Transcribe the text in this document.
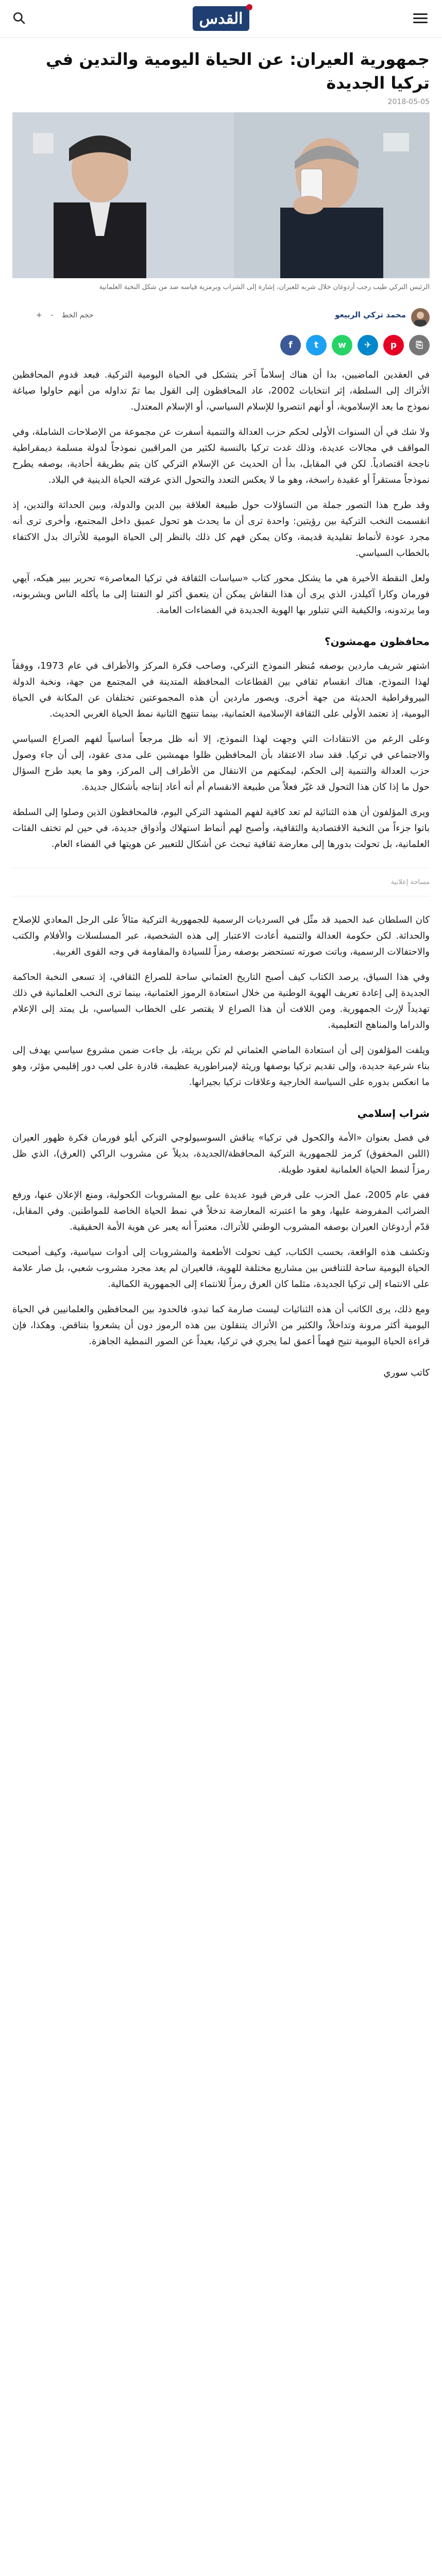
القدس
جمهورية العيران: عن الحياة اليومية والتدين في تركيا الجديدة
2018-05-05
الرئيس التركي طيب رجب أردوغان خلال شربه للعيران، إشارة إلى الشراب وبرمزية قياسه ضد من شكل النخبة العلمانية
محمد تركي الربيعو
حجم الخط - +
f	t	w	✈	p	⎘

في العقدين الماضيين، بدا أن هناك إسلاماً آخر يتشكل في الحياة اليومية التركية. فبعد قدوم المحافظين الأتراك إلى السلطة، إثر انتخابات 2002، عاد المحافظون إلى القول بما تمّ تداوله من أنهم حاولوا صياغة نموذج ما بعد الإسلاموية، أو أنهم انتصروا للإسلام السياسي، أو الإسلام المعتدل.

ولا شك في أن السنوات الأولى لحكم حزب العدالة والتنمية أسفرت عن مجموعة من الإصلاحات الشاملة، وفي المواقف في مجالات عديدة، وذلك غدت تركيا بالنسبة لكثير من المراقبين نموذجاً لدولة مسلمة ديمقراطية ناجحة اقتصادياً. لكن في المقابل، بدأ أن الحديث عن الإسلام التركي كان يتم بطريقة أحادية، بوصفه يطرح نموذجاً مستقراً أو عقيدة راسخة، وهو ما لا يعكس التعدد والتحول الذي عرفته الحياة الدينية في البلاد.

وقد طرح هذا التصور جملة من التساؤلات حول طبيعة العلاقة بين الدين والدولة، وبين الحداثة والتدين، إذ انقسمت النخب التركية بين رؤيتين: واحدة ترى أن ما يحدث هو تحول عميق داخل المجتمع، وأخرى ترى أنه مجرد عودة لأنماط تقليدية قديمة، وكان يمكن فهم كل ذلك بالنظر إلى الحياة اليومية للأتراك بدل الاكتفاء بالخطاب السياسي.

ولعل النقطة الأخيرة هي ما يشكل محور كتاب «سياسات الثقافة في تركيا المعاصرة» تحرير بيير هيكه، آيهي فورمان وكارا آكيلدز، الذي يرى أن هذا النقاش يمكن أن يتعمق أكثر لو التفتنا إلى ما يأكله الناس ويشربونه، وما يرتدونه، والكيفية التي تتبلور بها الهوية الجديدة في الفضاءات العامة.

محافظون مهمشون؟

اشتهر شريف ماردين بوصفه مُنظر النموذج التركي، وصاحب فكرة المركز والأطراف في عام 1973، ووفقاً لهذا النموذج، هناك انقسام ثقافي بين القطاعات المحافظة المتدينة في المجتمع من جهة، ونخبة الدولة البيروقراطية الحديثة من جهة أخرى. ويصور ماردين أن هذه المجموعتين تختلفان عن المكانة في الحياة اليومية، إذ تعتمد الأولى على الثقافة الإسلامية العثمانية، بينما تنتهج الثانية نمط الحياة الغربي الحديث.

وعلى الرغم من الانتقادات التي وجهت لهذا النموذج، إلا أنه ظل مرجعاً أساسياً لفهم الصراع السياسي والاجتماعي في تركيا. فقد ساد الاعتقاد بأن المحافظين ظلوا مهمشين على مدى عقود، إلى أن جاء وصول حزب العدالة والتنمية إلى الحكم، ليمكنهم من الانتقال من الأطراف إلى المركز، وهو ما يعيد طرح السؤال حول ما إذا كان هذا التحول قد غيّر فعلاً من طبيعة الانقسام أم أنه أعاد إنتاجه بأشكال جديدة.

ويرى المؤلفون أن هذه الثنائية لم تعد كافية لفهم المشهد التركي اليوم، فالمحافظون الذين وصلوا إلى السلطة باتوا جزءاً من النخبة الاقتصادية والثقافية، وأصبح لهم أنماط استهلاك وأذواق جديدة، في حين لم تختف الفئات العلمانية، بل تحولت بدورها إلى معارضة ثقافية تبحث عن أشكال للتعبير عن هويتها في الفضاء العام.

مساحة إعلانية

كان السلطان عبد الحميد قد مثّل في السرديات الرسمية للجمهورية التركية مثالاً على الرجل المعادي للإصلاح والحداثة. لكن حكومة العدالة والتنمية أعادت الاعتبار إلى هذه الشخصية، عبر المسلسلات والأفلام والكتب والاحتفالات الرسمية، وباتت صورته تستحضر بوصفه رمزاً للسيادة والمقاومة في وجه القوى الغربية.

وفي هذا السياق، يرصد الكتاب كيف أصبح التاريخ العثماني ساحة للصراع الثقافي، إذ تسعى النخبة الحاكمة الجديدة إلى إعادة تعريف الهوية الوطنية من خلال استعادة الرموز العثمانية، بينما ترى النخب العلمانية في ذلك تهديداً لإرث الجمهورية. ومن اللافت أن هذا الصراع لا يقتصر على الخطاب السياسي، بل يمتد إلى الإعلام والدراما والمناهج التعليمية.

ويلفت المؤلفون إلى أن استعادة الماضي العثماني لم تكن بريئة، بل جاءت ضمن مشروع سياسي يهدف إلى بناء شرعية جديدة، وإلى تقديم تركيا بوصفها وريثة لإمبراطورية عظيمة، قادرة على لعب دور إقليمي مؤثر، وهو ما انعكس بدوره على السياسة الخارجية وعلاقات تركيا بجيرانها.

شراب إسلامي

في فصل بعنوان «الأمة والكحول في تركيا» يناقش السوسيولوجي التركي أيلو فورمان فكرة ظهور العيران (اللبن المخفوق) كرمز للجمهورية التركية المحافظة/الجديدة، بديلاً عن مشروب الراكي (العرق)، الذي ظل رمزاً لنمط الحياة العلمانية لعقود طويلة.

ففي عام 2005، عمل الحزب على فرض قيود عديدة على بيع المشروبات الكحولية، ومنع الإعلان عنها، ورفع الضرائب المفروضة عليها، وهو ما اعتبرته المعارضة تدخلاً في نمط الحياة الخاصة للمواطنين. وفي المقابل، قدّم أردوغان العيران بوصفه المشروب الوطني للأتراك، معتبراً أنه يعبر عن هوية الأمة الحقيقية.

وتكشف هذه الواقعة، بحسب الكتاب، كيف تحولت الأطعمة والمشروبات إلى أدوات سياسية، وكيف أصبحت الحياة اليومية ساحة للتنافس بين مشاريع مختلفة للهوية، فالعيران لم يعد مجرد مشروب شعبي، بل صار علامة على الانتماء إلى تركيا الجديدة، مثلما كان العرق رمزاً للانتماء إلى الجمهورية الكمالية.

ومع ذلك، يرى الكاتب أن هذه الثنائيات ليست صارمة كما تبدو، فالحدود بين المحافظين والعلمانيين في الحياة اليومية أكثر مرونة وتداخلاً، والكثير من الأتراك يتنقلون بين هذه الرموز دون أن يشعروا بتناقض. وهكذا، فإن قراءة الحياة اليومية تتيح فهماً أعمق لما يجري في تركيا، بعيداً عن الصور النمطية الجاهزة.

كاتب سوري
